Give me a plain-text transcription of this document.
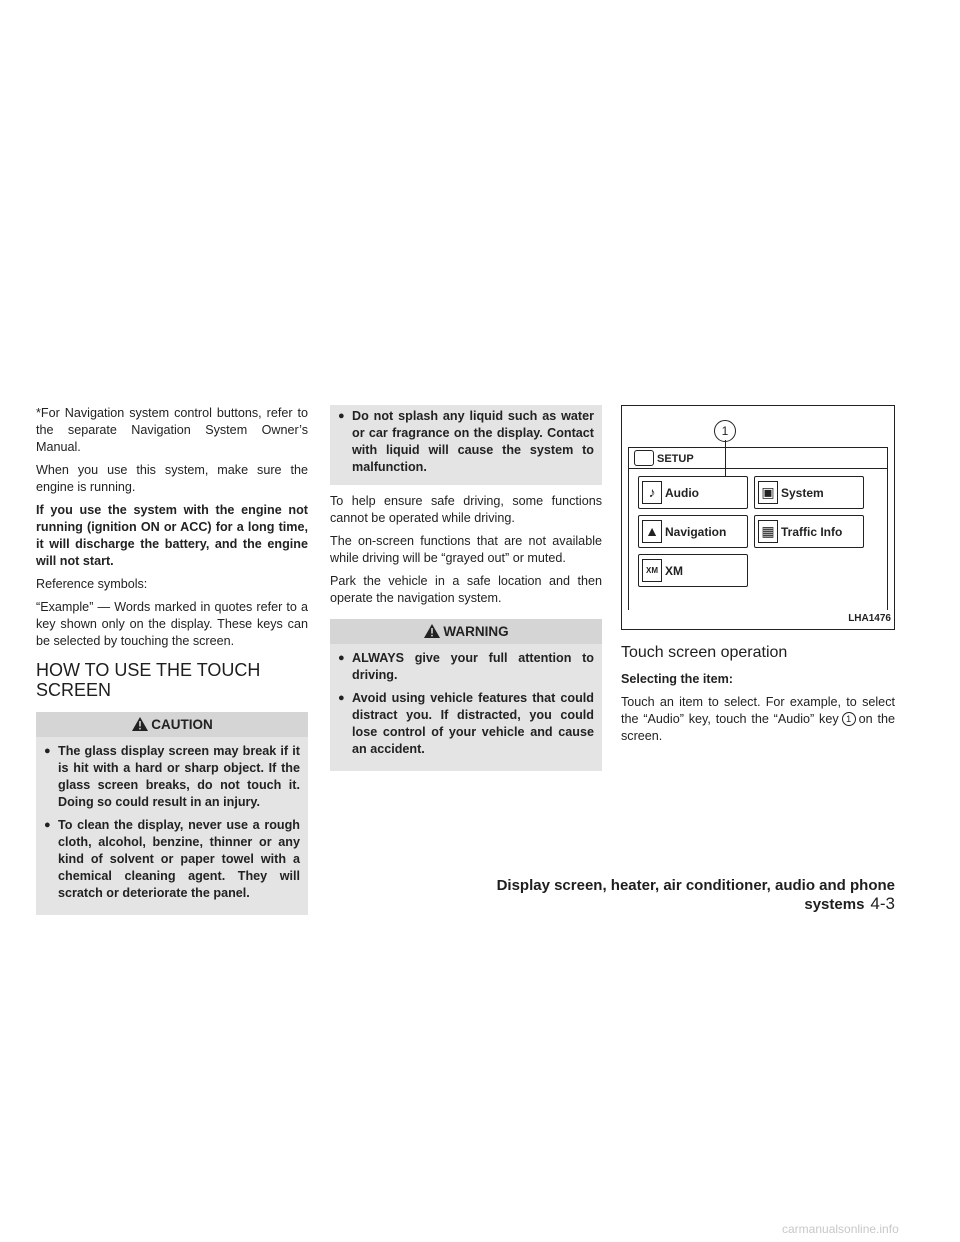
*For Navigation system control buttons, refer to the separate Navigation System Owner’s Manual.

When you use this system, make sure the engine is running.

If you use the system with the engine not running (ignition ON or ACC) for a long time, it will discharge the battery, and the engine will not start.

Reference symbols:

“Example” — Words marked in quotes refer to a key shown only on the display. These keys can be selected by touching the screen.

HOW TO USE THE TOUCH SCREEN
CAUTION
● The glass display screen may break if it is hit with a hard or sharp object. If the glass screen breaks, do not touch it. Doing so could result in an injury.
● To clean the display, never use a rough cloth, alcohol, benzine, thinner or any kind of solvent or paper towel with a chemical cleaning agent. They will scratch or deteriorate the panel.
● Do not splash any liquid such as water or car fragrance on the display. Contact with liquid will cause the system to malfunction.

To help ensure safe driving, some functions cannot be operated while driving.

The on-screen functions that are not available while driving will be “grayed out” or muted.

Park the vehicle in a safe location and then operate the navigation system.

WARNING
● ALWAYS give your full attention to driving.
● Avoid using vehicle features that could distract you. If distracted, you could lose control of your vehicle and cause an accident.
1
SETUP
♪ Audio	▣ System
▲ Navigation	▦ Traffic Info
XM XM
LHA1476
Touch screen operation

Selecting the item:

Touch an item to select. For example, to select the “Audio” key, touch the “Audio” key 1 on the screen.

Display screen, heater, air conditioner, audio and phone systems 4-3
carmanualsonline.info
